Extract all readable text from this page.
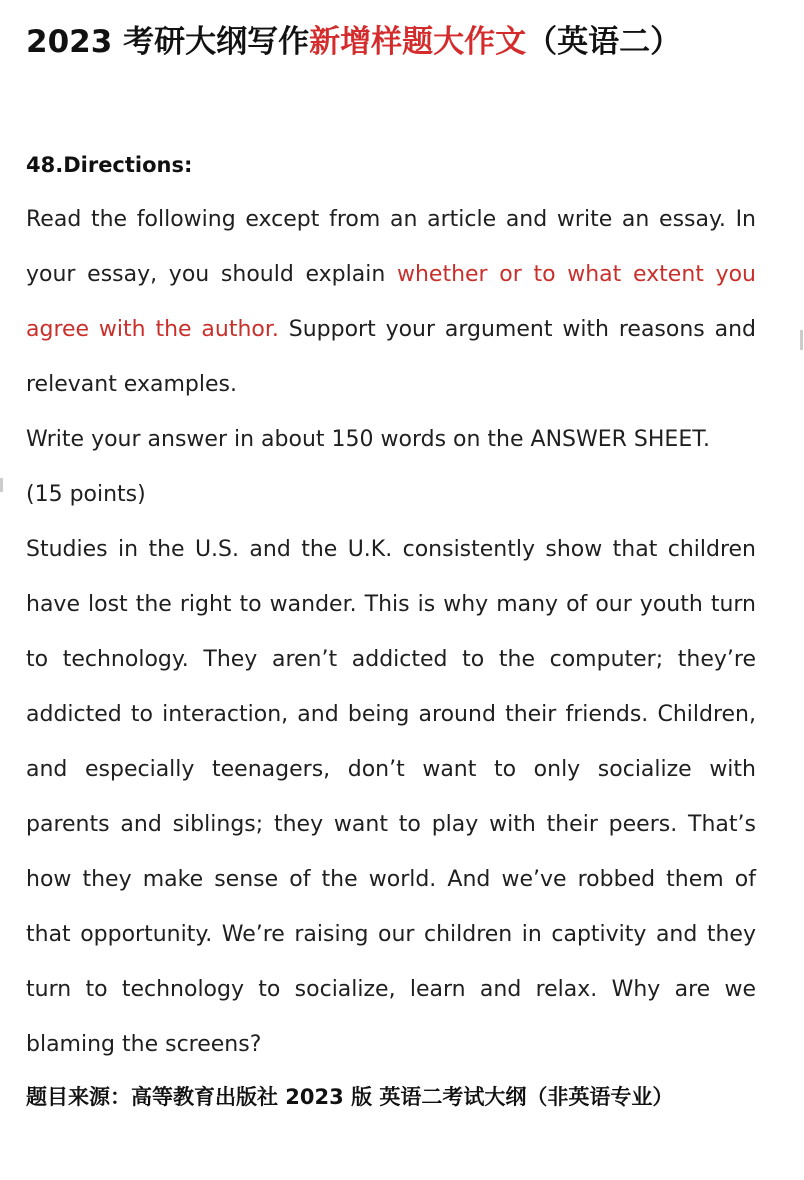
2023 考研大纲写作新增样题大作文（英语二）
48.Directions:
Read the following except from an article and write an essay. In your essay, you should explain whether or to what extent you agree with the author. Support your argument with reasons and relevant examples.
Write your answer in about 150 words on the ANSWER SHEET.
(15 points)
Studies in the U.S. and the U.K. consistently show that children have lost the right to wander. This is why many of our youth turn to technology. They aren’t addicted to the computer; they’re addicted to interaction, and being around their friends. Children, and especially teenagers, don’t want to only socialize with parents and siblings; they want to play with their peers. That’s how they make sense of the world. And we’ve robbed them of that opportunity. We’re raising our children in captivity and they turn to technology to socialize, learn and relax. Why are we blaming the screens?
题目来源：高等教育出版社 2023 版 英语二考试大纲（非英语专业）
